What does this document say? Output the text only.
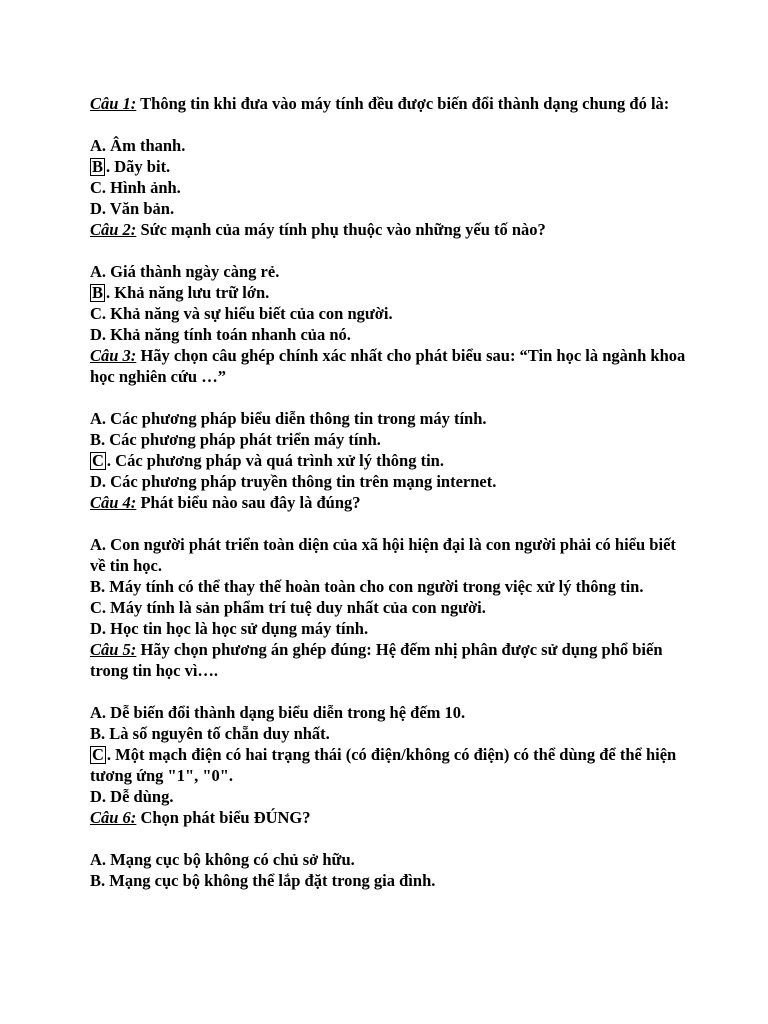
Câu 1: Thông tin khi đưa vào máy tính đều được biến đổi thành dạng chung đó là:

A. Âm thanh.

B . Dãy bit.

C. Hình ảnh.

D. Văn bản.

Câu 2: Sức mạnh của máy tính phụ thuộc vào những yếu tố nào?

A. Giá thành ngày càng rẻ.

B . Khả năng lưu trữ lớn.

C. Khả năng và sự hiểu biết của con người.

D. Khả năng tính toán nhanh của nó.

Câu 3: Hãy chọn câu ghép chính xác nhất cho phát biểu sau: “Tin học là ngành khoa học nghiên cứu …”

A. Các phương pháp biểu diễn thông tin trong máy tính.

B. Các phương pháp phát triển máy tính.

C . Các phương pháp và quá trình xử lý thông tin.

D. Các phương pháp truyền thông tin trên mạng internet.

Câu 4: Phát biểu nào sau đây là đúng?

A. Con người phát triển toàn diện của xã hội hiện đại là con người phải có hiểu biết về tin học.

B. Máy tính có thể thay thế hoàn toàn cho con người trong việc xử lý thông tin.

C. Máy tính là sản phẩm trí tuệ duy nhất của con người.

D. Học tin học là học sử dụng máy tính.

Câu 5: Hãy chọn phương án ghép đúng: Hệ đếm nhị phân được sử dụng phổ biến trong tin học vì….

A. Dễ biến đổi thành dạng biểu diễn trong hệ đếm 10.

B. Là số nguyên tố chẵn duy nhất.

C . Một mạch điện có hai trạng thái (có điện/không có điện) có thể dùng để thể hiện tương ứng "1", "0".

D. Dễ dùng.

Câu 6: Chọn phát biểu ĐÚNG?

A. Mạng cục bộ không có chủ sở hữu.

B. Mạng cục bộ không thể lắp đặt trong gia đình.
